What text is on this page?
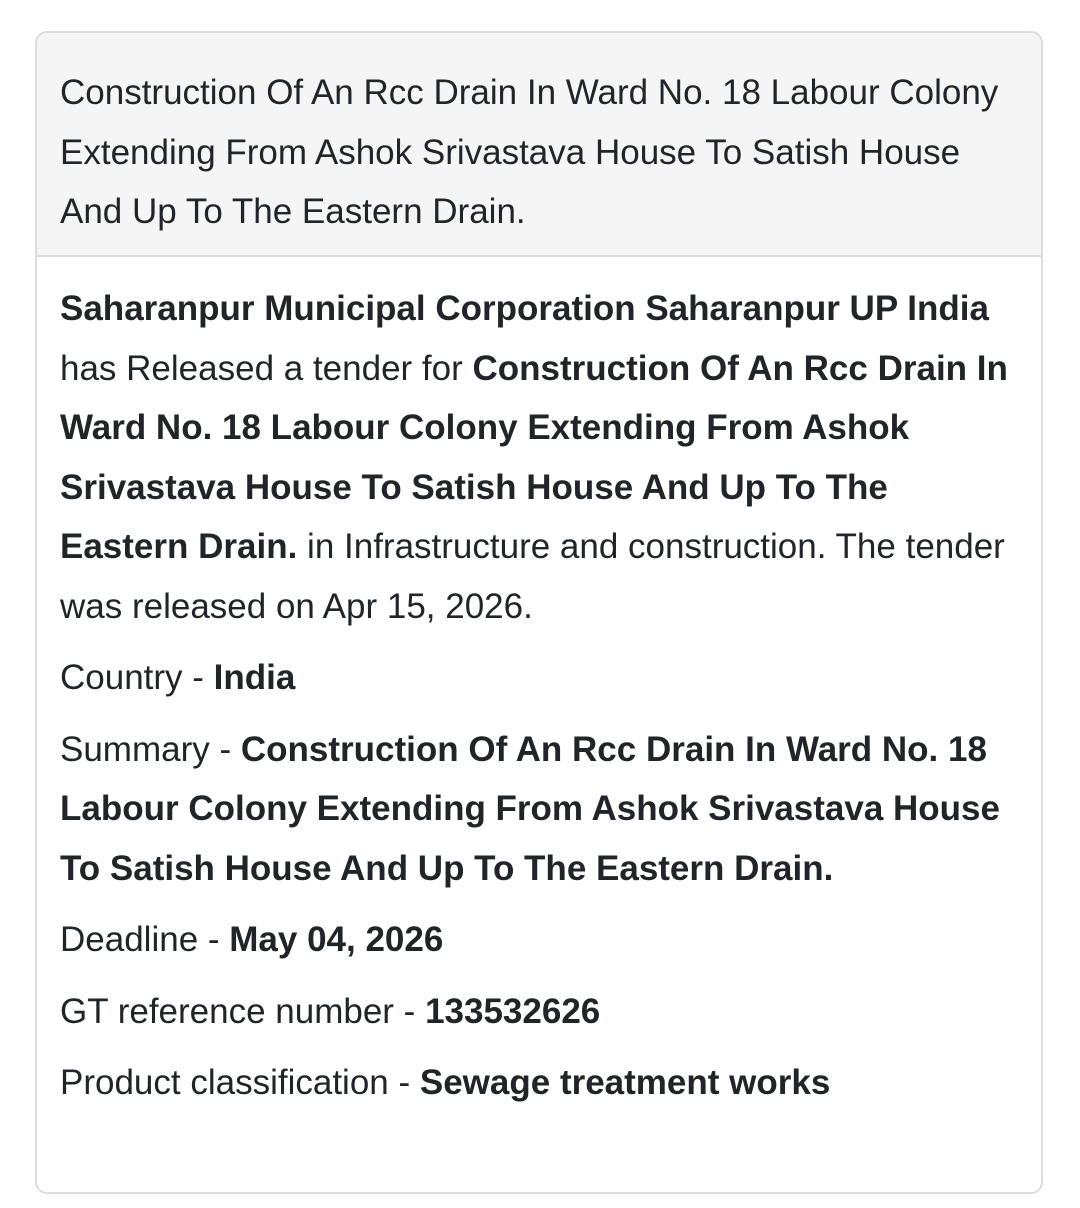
Construction Of An Rcc Drain In Ward No. 18 Labour Colony Extending From Ashok Srivastava House To Satish House And Up To The Eastern Drain.

Saharanpur Municipal Corporation Saharanpur UP India has Released a tender for Construction Of An Rcc Drain In Ward No. 18 Labour Colony Extending From Ashok Srivastava House To Satish House And Up To The Eastern Drain. in Infrastructure and construction. The tender was released on Apr 15, 2026.

Country - India

Summary - Construction Of An Rcc Drain In Ward No. 18 Labour Colony Extending From Ashok Srivastava House To Satish House And Up To The Eastern Drain.

Deadline - May 04, 2026

GT reference number - 133532626

Product classification - Sewage treatment works
